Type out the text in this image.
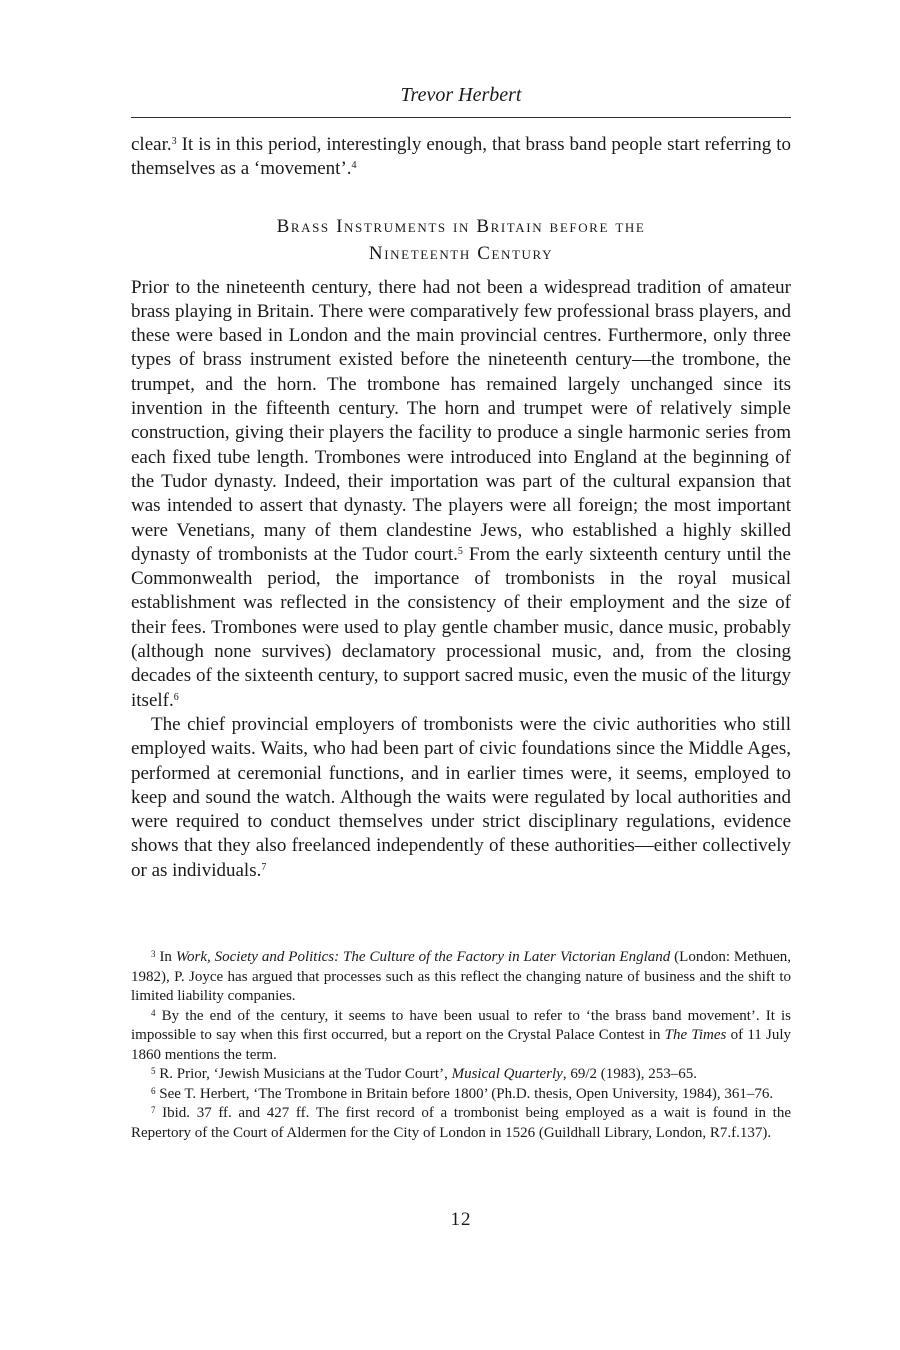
Trevor Herbert

clear.$^3$ It is in this period, interestingly enough, that brass band people start referring to themselves as a ‘movement’.$^4$

Brass Instruments in Britain before the
Nineteenth Century

Prior to the nineteenth century, there had not been a widespread tradition of amateur brass playing in Britain. There were comparatively few professional brass players, and these were based in London and the main provincial centres. Furthermore, only three types of brass instrument existed before the nineteenth century—the trombone, the trumpet, and the horn. The trombone has remained largely unchanged since its invention in the fifteenth century. The horn and trumpet were of relatively simple construction, giving their players the facility to produce a single harmonic series from each fixed tube length. Trombones were introduced into England at the beginning of the Tudor dynasty. Indeed, their importation was part of the cultural expansion that was intended to assert that dynasty. The players were all foreign; the most important were Venetians, many of them clandestine Jews, who established a highly skilled dynasty of trombonists at the Tudor court.$^5$ From the early sixteenth century until the Commonwealth period, the importance of trombonists in the royal musical establishment was reflected in the consistency of their employment and the size of their fees. Trombones were used to play gentle chamber music, dance music, probably (although none survives) declamatory processional music, and, from the closing decades of the sixteenth century, to support sacred music, even the music of the liturgy itself.$^6$

The chief provincial employers of trombonists were the civic authorities who still employed waits. Waits, who had been part of civic foundations since the Middle Ages, performed at ceremonial functions, and in earlier times were, it seems, employed to keep and sound the watch. Although the waits were regulated by local authorities and were required to conduct themselves under strict disciplinary regulations, evidence shows that they also freelanced independently of these authorities—either collectively or as individuals.$^7$

$^3$ In Work, Society and Politics: The Culture of the Factory in Later Victorian England (London: Methuen, 1982), P. Joyce has argued that processes such as this reflect the changing nature of business and the shift to limited liability companies.

$^4$ By the end of the century, it seems to have been usual to refer to ‘the brass band movement’. It is impossible to say when this first occurred, but a report on the Crystal Palace Contest in The Times of 11 July 1860 mentions the term.

$^5$ R. Prior, ‘Jewish Musicians at the Tudor Court’, Musical Quarterly, 69/2 (1983), 253–65.

$^6$ See T. Herbert, ‘The Trombone in Britain before 1800’ (Ph.D. thesis, Open University, 1984), 361–76.

$^7$ Ibid. 37 ff. and 427 ff. The first record of a trombonist being employed as a wait is found in the Repertory of the Court of Aldermen for the City of London in 1526 (Guildhall Library, London, R7.f.137).

12
